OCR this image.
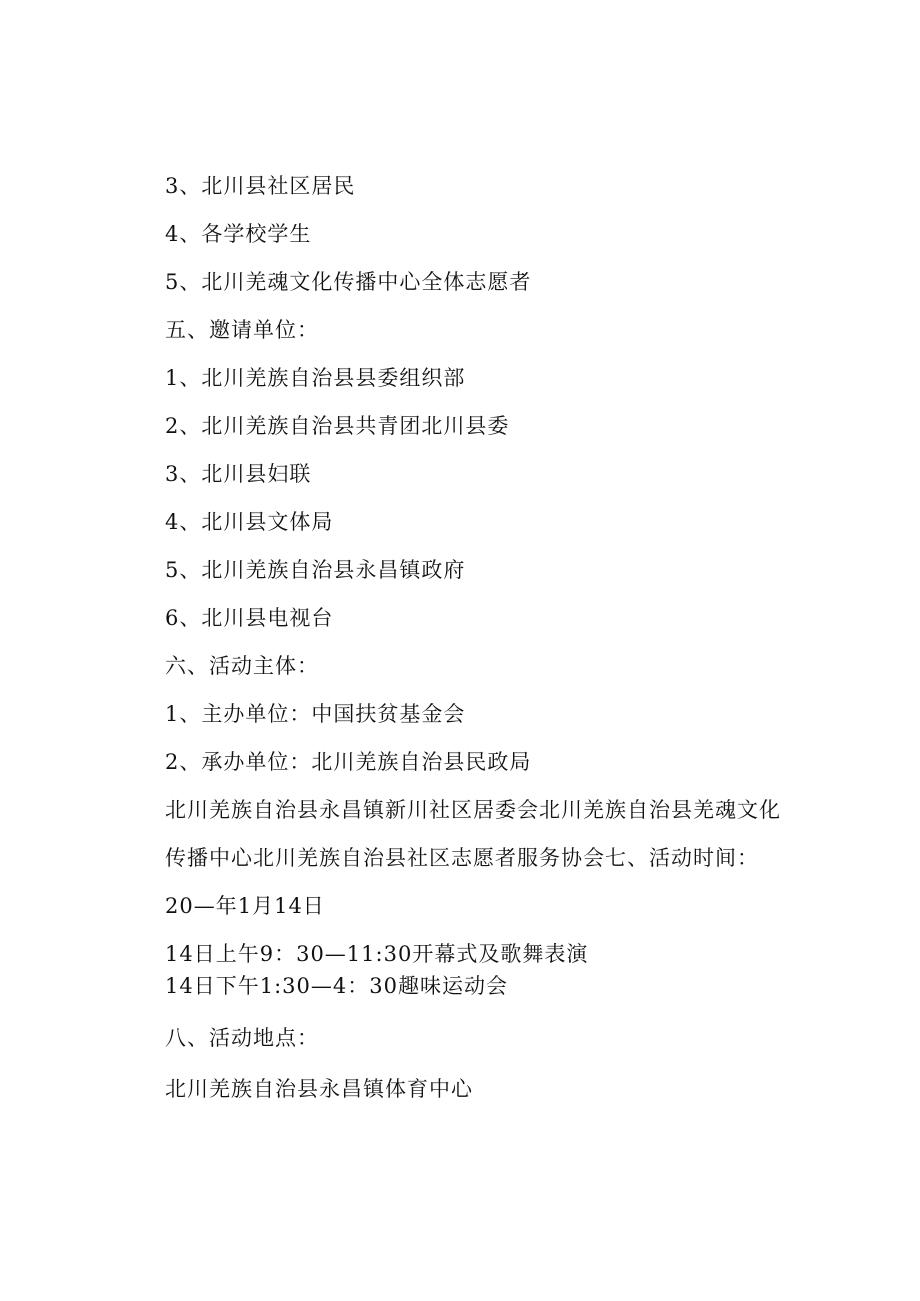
3、北川县社区居民
4、各学校学生
5、北川羌魂文化传播中心全体志愿者
五、邀请单位：
1、北川羌族自治县县委组织部
2、北川羌族自治县共青团北川县委
3、北川县妇联
4、北川县文体局
5、北川羌族自治县永昌镇政府
6、北川县电视台
六、活动主体：
1、主办单位：中国扶贫基金会
2、承办单位：北川羌族自治县民政局
北川羌族自治县永昌镇新川社区居委会北川羌族自治县羌魂文化
传播中心北川羌族自治县社区志愿者服务协会七、活动时间：
20—年1月14日
14日上午9：30—11:30开幕式及歌舞表演
14日下午1:30—4：30趣味运动会
八、活动地点：
北川羌族自治县永昌镇体育中心
